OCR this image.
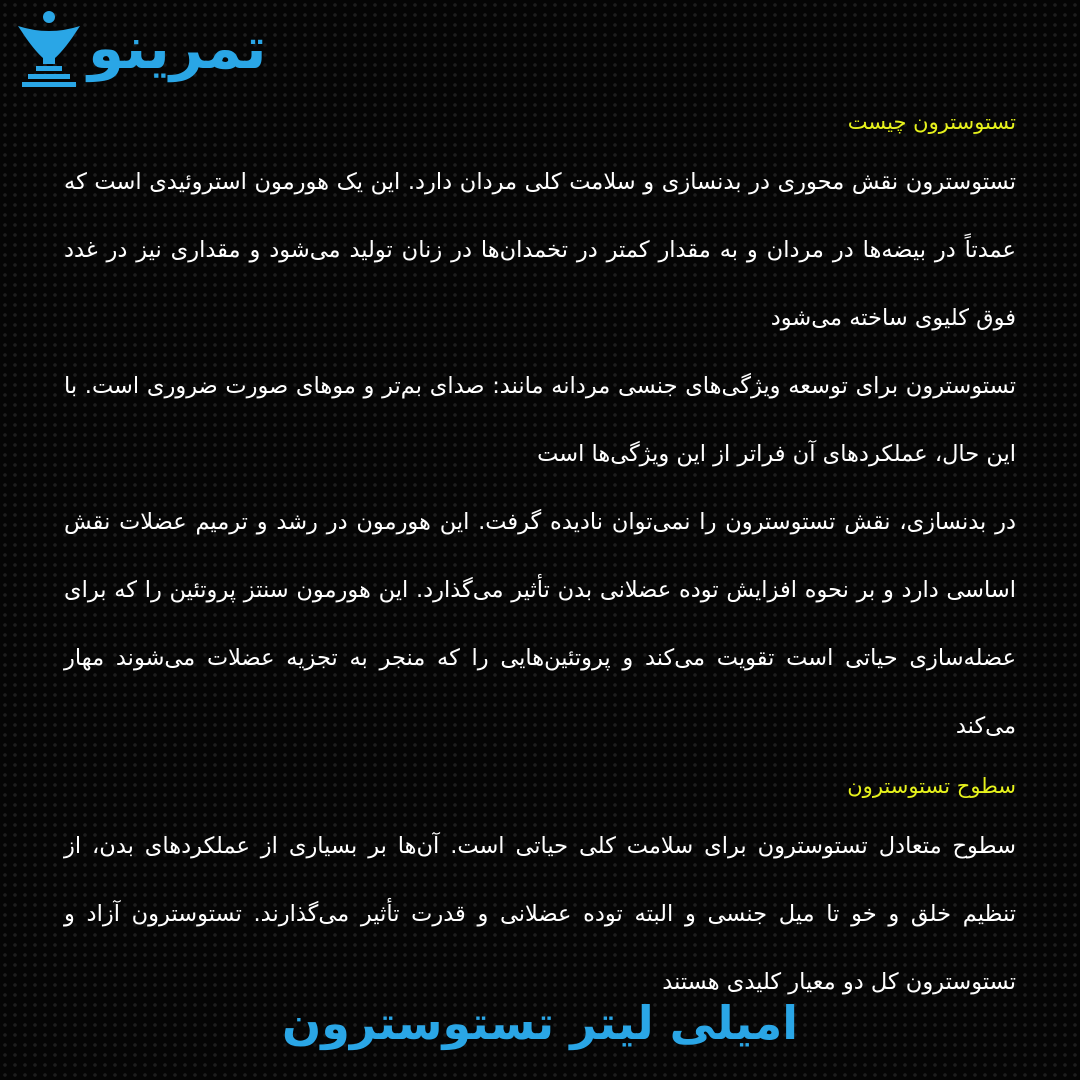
تمرینو
تستوسترون چیست

تستوسترون نقش محوری در بدنسازی و سلامت کلی مردان دارد. این یک هورمون استروئیدی است که عمدتاً در بیضه‌ها در مردان و به مقدار کمتر در تخمدان‌ها در زنان تولید می‌شود و مقداری نیز در غدد فوق کلیوی ساخته می‌شود

تستوسترون برای توسعه ویژگی‌های جنسی مردانه مانند: صدای بم‌تر و موهای صورت ضروری است. با این حال، عملکردهای آن فراتر از این ویژگی‌ها است

در بدنسازی، نقش تستوسترون را نمی‌توان نادیده گرفت. این هورمون در رشد و ترمیم عضلات نقش اساسی دارد و بر نحوه افزایش توده عضلانی بدن تأثیر می‌گذارد. این هورمون سنتز پروتئین را که برای عضله‌سازی حیاتی است تقویت می‌کند و پروتئین‌هایی را که منجر به تجزیه عضلات می‌شوند مهار می‌کند

سطوح تستوسترون

سطوح متعادل تستوسترون برای سلامت کلی حیاتی است. آن‌ها بر بسیاری از عملکردهای بدن، از تنظیم خلق و خو تا میل جنسی و البته توده عضلانی و قدرت تأثیر می‌گذارند. تستوسترون آزاد و تستوسترون کل دو معیار کلیدی هستند

امیلی لیتر تستوسترون
